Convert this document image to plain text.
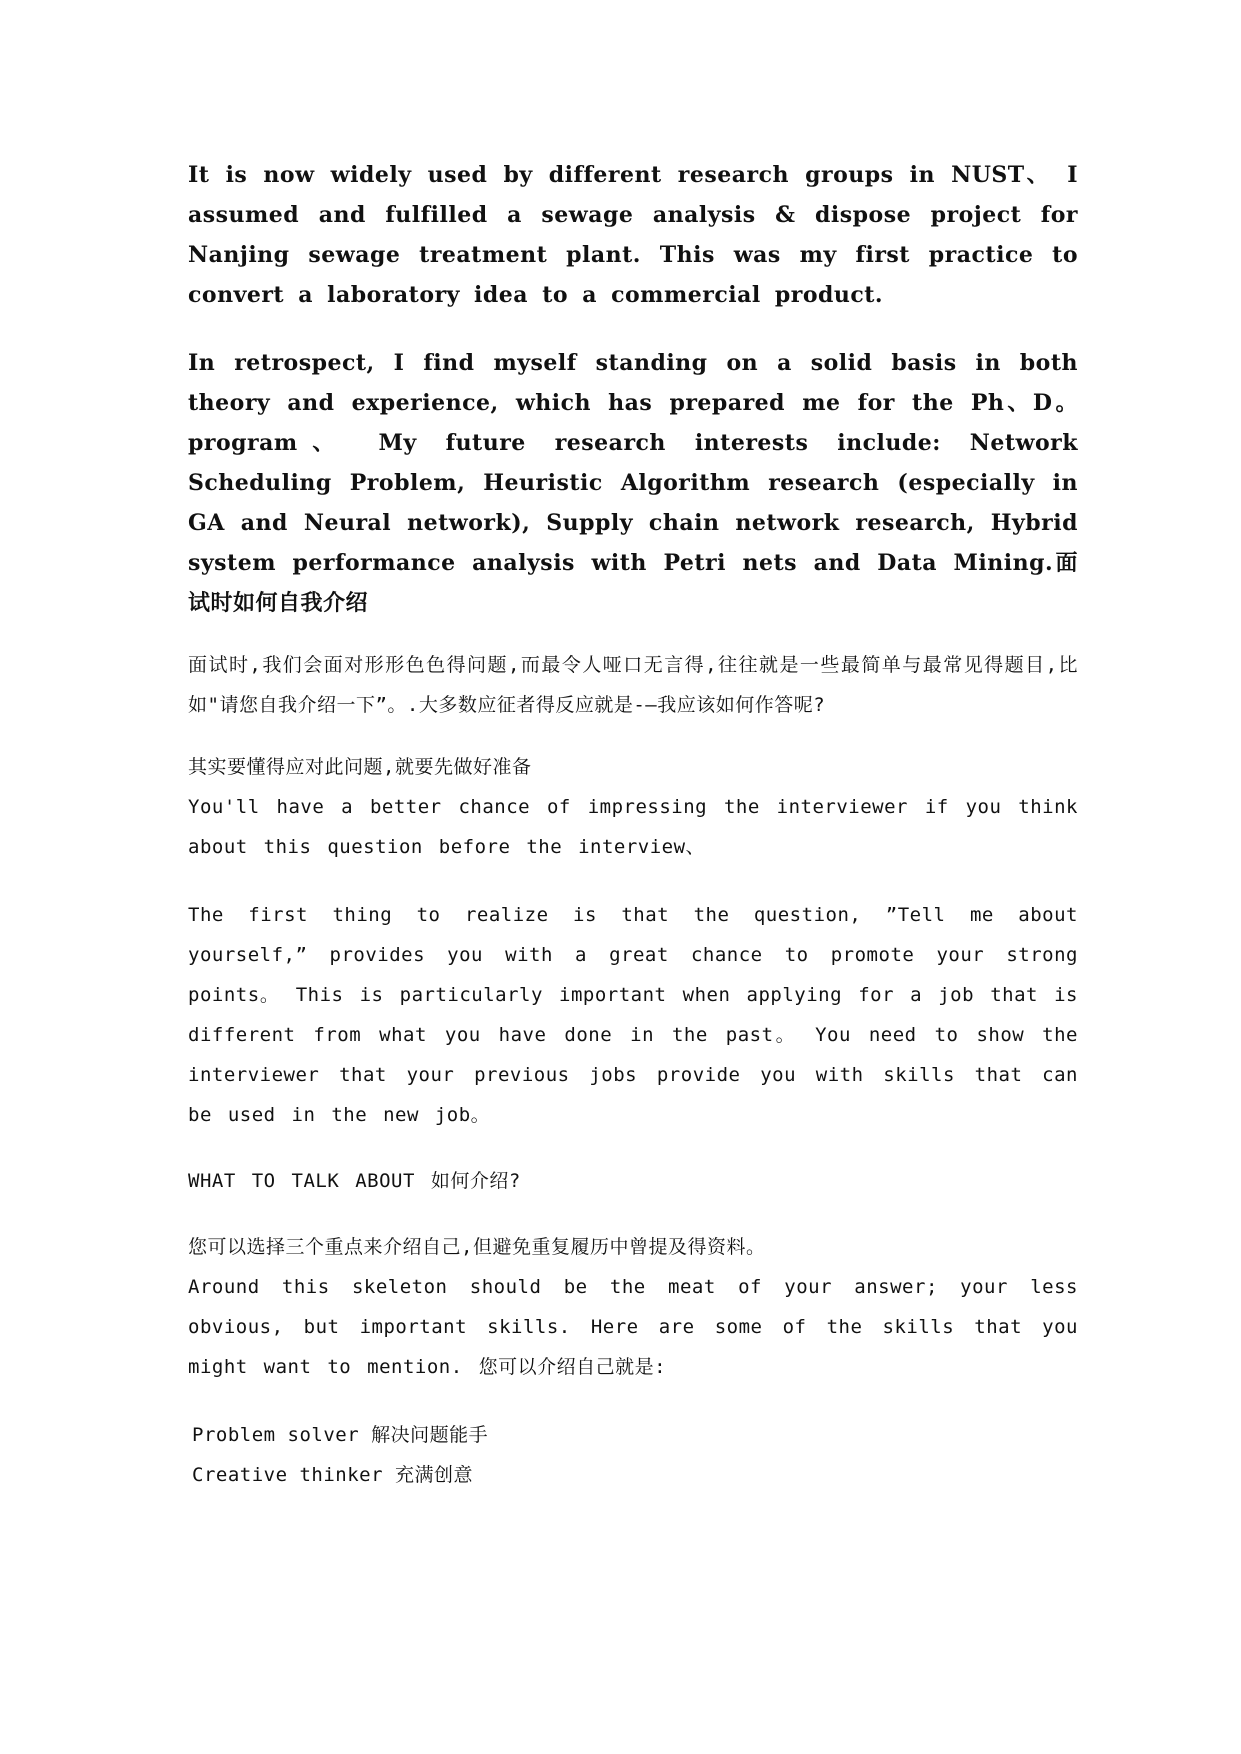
It is now widely used by different research groups in NUST、 I assumed and fulfilled a sewage analysis & dispose project for Nanjing sewage treatment plant. This was my first practice to convert a laboratory idea to a commercial product.

In retrospect, I find myself standing on a solid basis in both theory and experience, which has prepared me for the Ph、D。 program、 My future research interests include: Network Scheduling Problem, Heuristic Algorithm research (especially in GA and Neural network), Supply chain network research, Hybrid system performance analysis with Petri nets and Data Mining.面试时如何自我介绍

面试时,我们会面对形形色色得问题,而最令人哑口无言得,往往就是一些最简单与最常见得题目,比如"请您自我介绍一下”。.大多数应征者得反应就是-—我应该如何作答呢?

其实要懂得应对此问题,就要先做好准备

You'll have a better chance of impressing the interviewer if you think about this question before the interview、

The first thing to realize is that the question, ”Tell me about yourself,” provides you with a great chance to promote your strong points。 This is particularly important when applying for a job that is different from what you have done in the past。 You need to show the interviewer that your previous jobs provide you with skills that can be used in the new job。

WHAT TO TALK ABOUT 如何介绍?

您可以选择三个重点来介绍自己,但避免重复履历中曾提及得资料。

Around this skeleton should be the meat of your answer; your less obvious, but important skills. Here are some of the skills that you might want to mention. 您可以介绍自己就是:

Problem solver 解决问题能手

Creative thinker 充满创意
